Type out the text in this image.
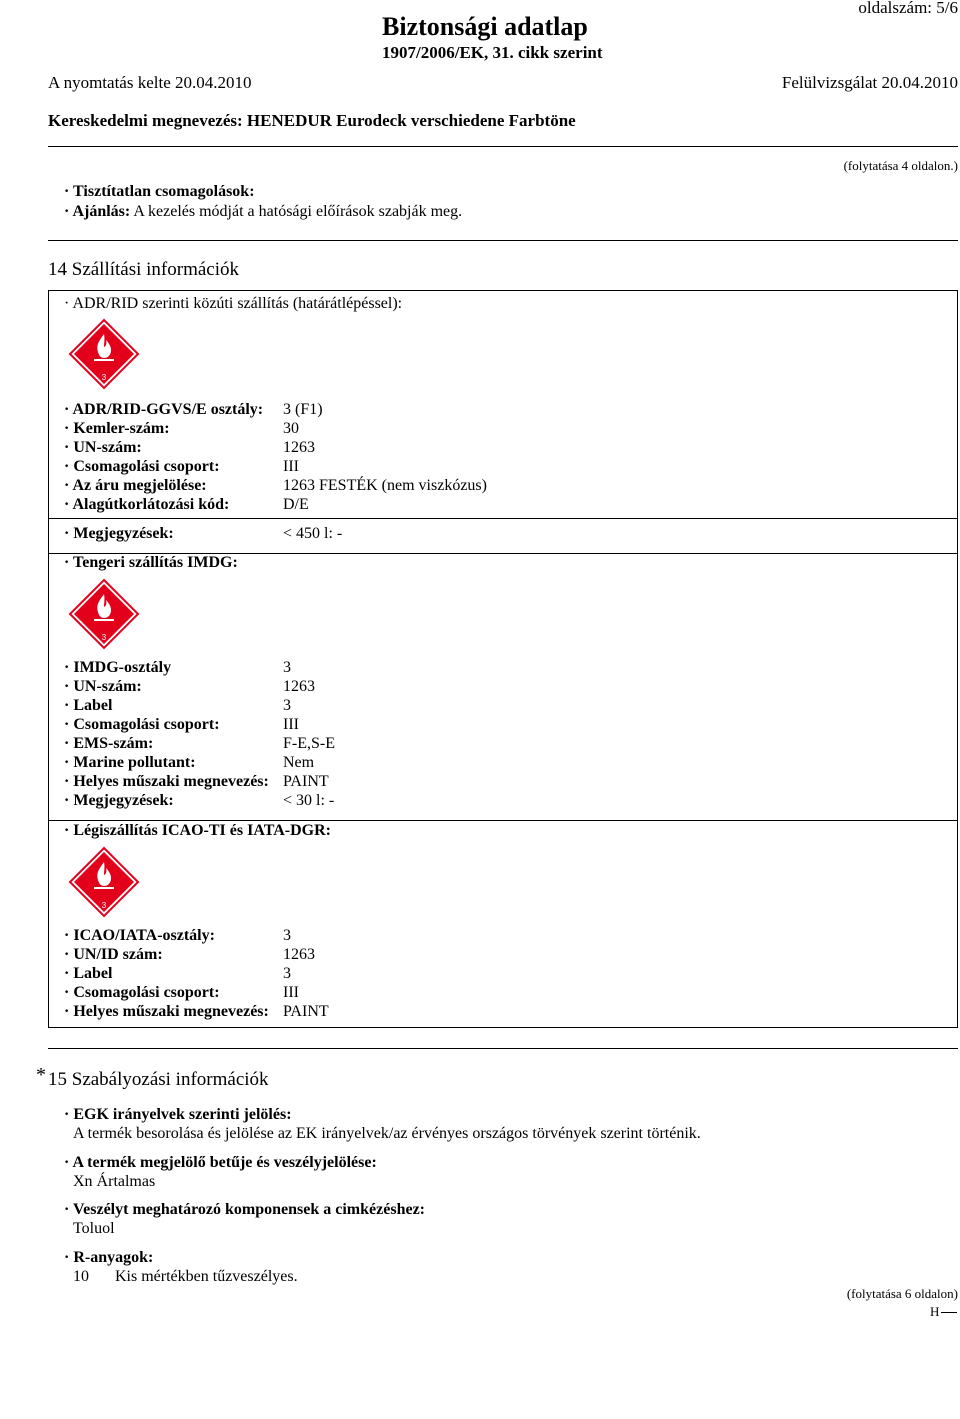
Biztonsági adatlap
1907/2006/EK, 31. cikk szerint
oldalszám: 5/6
A nyomtatás kelte 20.04.2010	Felülvizsgálat 20.04.2010
Kereskedelmi megnevezés: HENEDUR Eurodeck verschiedene Farbtöne
(folytatása 4 oldalon.)
· Tisztítatlan csomagolások:
· Ajánlás: A kezelés módját a hatósági előírások szabják meg.
14 Szállítási információk
· ADR/RID szerinti közúti szállítás (határátlépéssel):
3
· ADR/RID-GGVS/E osztály: 3 (F1)
· Kemler-szám:	30
· UN-szám:	1263
· Csomagolási csoport:	III
· Az áru megjelölése:	1263 FESTÉK (nem viszkózus)
· Alagútkorlátozási kód:	D/E
· Megjegyzések:	< 450 l: -
· Tengeri szállítás IMDG:
3
· IMDG-osztály	3
· UN-szám:	1263
· Label	3
· Csomagolási csoport:	III
· EMS-szám:	F-E,S-E
· Marine pollutant:	Nem
· Helyes műszaki megnevezés: PAINT
· Megjegyzések:	< 30 l: -
· Légiszállítás ICAO-TI és IATA-DGR:
3
· ICAO/IATA-osztály:	3
· UN/ID szám:	1263
· Label	3
· Csomagolási csoport:	III
· Helyes műszaki megnevezés: PAINT
* 15 Szabályozási információk
· EGK irányelvek szerinti jelölés:
A termék besorolása és jelölése az EK irányelvek/az érvényes országos törvények szerint történik.
· A termék megjelölő betűje és veszélyjelölése:
Xn Ártalmas
· Veszélyt meghatározó komponensek a cimkézéshez:
Toluol
· R-anyagok:
10 Kis mértékben tűzveszélyes.
(folytatása 6 oldalon)
H
